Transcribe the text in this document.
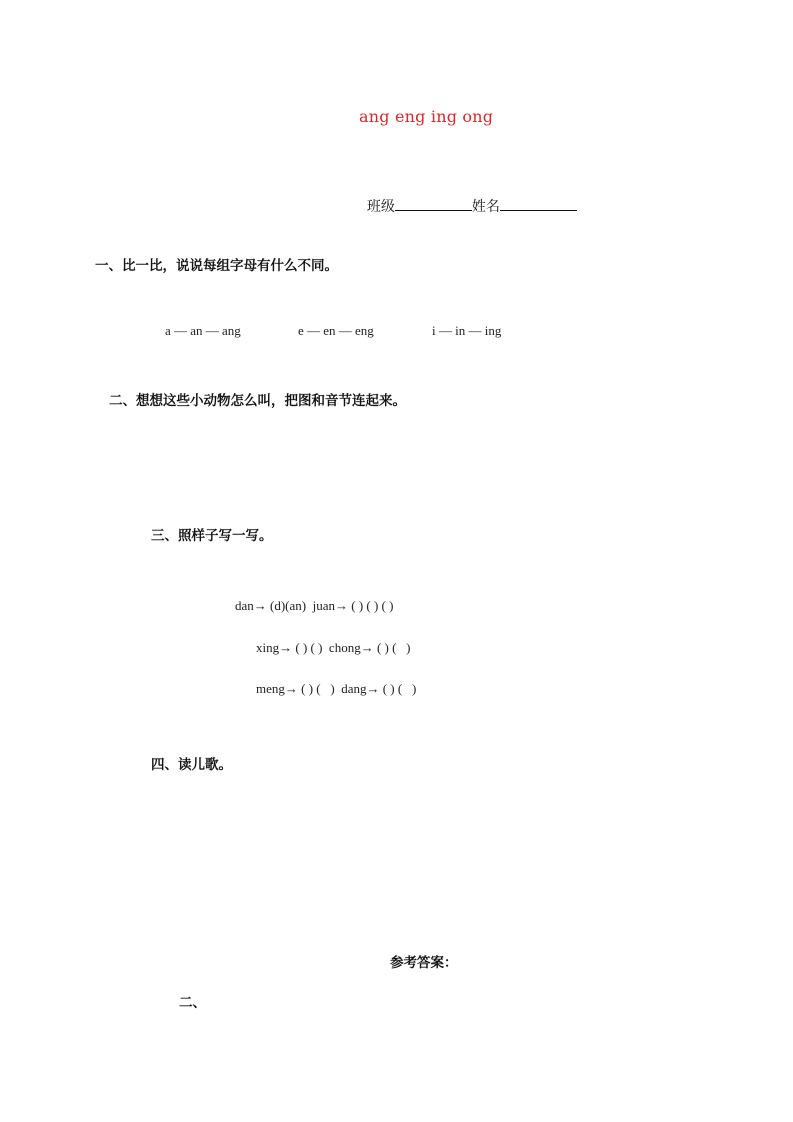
ang eng ing ong

班级	姓名

一、比一比，说说每组字母有什么不同。
a — an — ang	e — en — eng	i — in — ing
二、想想这些小动物怎么叫，把图和音节连起来。
三、照样子写一写。
dan→ (d)(an)  juan→ ( ) ( ) ( )
xing→ ( ) ( )  chong→ ( ) (   )
meng→ ( ) (   )  dang→ ( ) (   )
四、读儿歌。
参考答案：
二、
